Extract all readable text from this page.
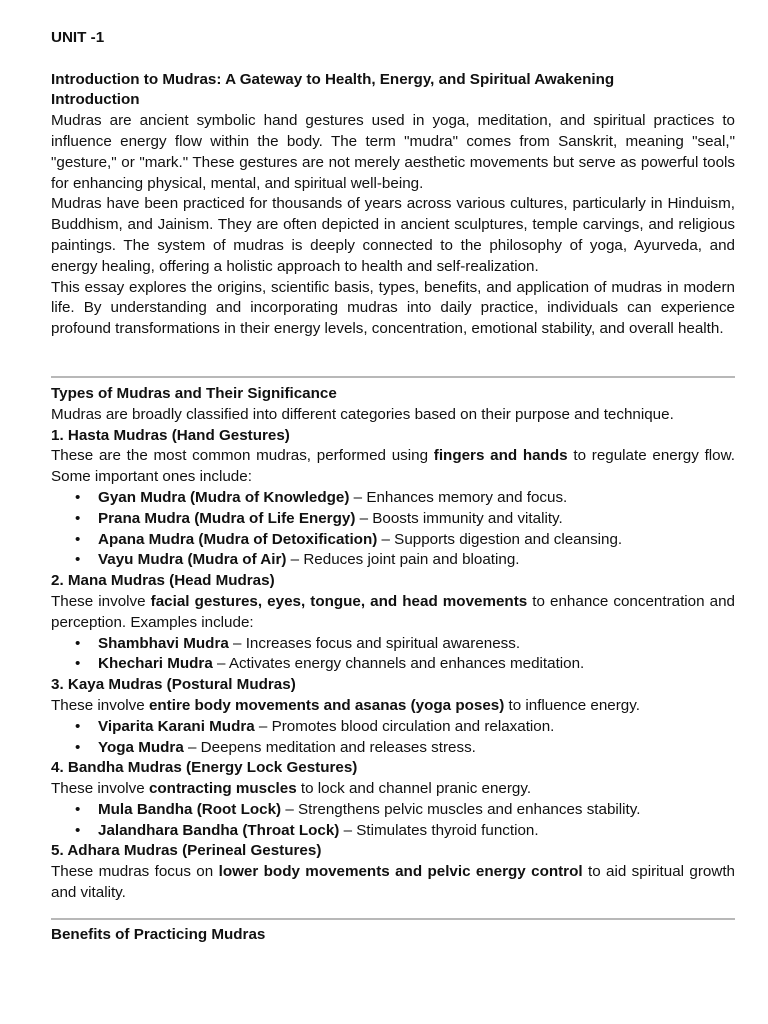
UNIT -1

Introduction to Mudras: A Gateway to Health, Energy, and Spiritual Awakening

Introduction

Mudras are ancient symbolic hand gestures used in yoga, meditation, and spiritual practices to influence energy flow within the body. The term "mudra" comes from Sanskrit, meaning "seal," "gesture," or "mark." These gestures are not merely aesthetic movements but serve as powerful tools for enhancing physical, mental, and spiritual well-being.

Mudras have been practiced for thousands of years across various cultures, particularly in Hinduism, Buddhism, and Jainism. They are often depicted in ancient sculptures, temple carvings, and religious paintings. The system of mudras is deeply connected to the philosophy of yoga, Ayurveda, and energy healing, offering a holistic approach to health and self-realization.

This essay explores the origins, scientific basis, types, benefits, and application of mudras in modern life. By understanding and incorporating mudras into daily practice, individuals can experience profound transformations in their energy levels, concentration, emotional stability, and overall health.

Types of Mudras and Their Significance

Mudras are broadly classified into different categories based on their purpose and technique.

1. Hasta Mudras (Hand Gestures)

These are the most common mudras, performed using fingers and hands to regulate energy flow. Some important ones include:

• Gyan Mudra (Mudra of Knowledge) – Enhances memory and focus.
• Prana Mudra (Mudra of Life Energy) – Boosts immunity and vitality.
• Apana Mudra (Mudra of Detoxification) – Supports digestion and cleansing.
• Vayu Mudra (Mudra of Air) – Reduces joint pain and bloating.

2. Mana Mudras (Head Mudras)

These involve facial gestures, eyes, tongue, and head movements to enhance concentration and perception. Examples include:

• Shambhavi Mudra – Increases focus and spiritual awareness.
• Khechari Mudra – Activates energy channels and enhances meditation.

3. Kaya Mudras (Postural Mudras)

These involve entire body movements and asanas (yoga poses) to influence energy.

• Viparita Karani Mudra – Promotes blood circulation and relaxation.
• Yoga Mudra – Deepens meditation and releases stress.

4. Bandha Mudras (Energy Lock Gestures)

These involve contracting muscles to lock and channel pranic energy.

• Mula Bandha (Root Lock) – Strengthens pelvic muscles and enhances stability.
• Jalandhara Bandha (Throat Lock) – Stimulates thyroid function.

5. Adhara Mudras (Perineal Gestures)

These mudras focus on lower body movements and pelvic energy control to aid spiritual growth and vitality.

Benefits of Practicing Mudras
